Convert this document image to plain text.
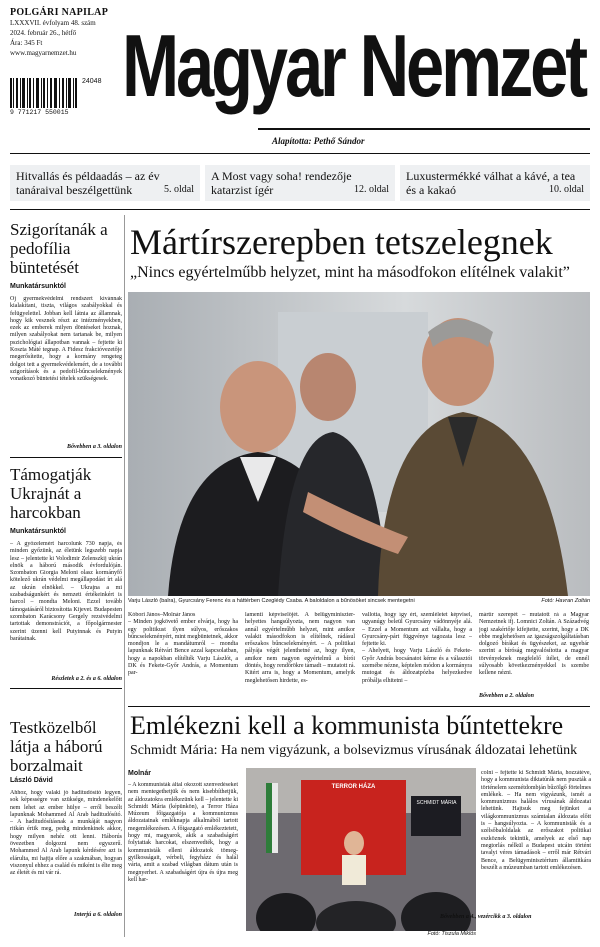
POLGÁRI NAPILAP
LXXXVII. évfolyam 48. szám
2024. február 26., hétfő
Ára: 345 Ft
www.magyarnemzet.hu
24048
9 771217 550015 Magyar Nemzet
Alapította: Pethő Sándor
Hitvallás és példaadás – az év tanáraival beszélgettünk	5. oldal
A Most vagy soha! rendezője katarzist ígér	12. oldal
Luxustermékké válhat a kávé, a tea és a kakaó	10. oldal
Szigorítanák a pedofília büntetését
Munkatársunktól
Oj gyermekvédelmi rendszert kívánnak kialakítani, tiszta, világos szabályokkal és felügyelettel. Jobban kell látnia az államnak, hogy kik vesznek részt az intézményekben, ezek az emberek milyen döntéseket hoznak, milyen szabályokat nem tartanak be, milyen pszichológiai állapotban vannak – fejtette ki Koszta Máté tegnap. A Fidesz frakcióvezetője megerősítette, hogy a kormány rengeteg dolgot tett a gyermekvédelemért, de a további szigorítások és a pedofil-bűncselekmények vonatkozó büntetési tételek szükségesek.
Bővebben a 3. oldalon
Támogatják Ukrajnát a harcokban
Munkatársunktól
– A győzelemért harcolunk 730 napja, és minden győzünk, az életünk legszebb napja lesz – jelentette ki Volodimir Zelenszkij ukrán elnök a háború második évfordulóján. Szombaton Giorgia Meloni olasz kormányfő kötelező ukrán védelmi megállapodást írt alá az ukrán elnökkel. – Ukrajna a mi szabadságunkért és nemzeti értékeinkért is harcol – mondta Meloni. Ezzel tovább támogatásáról biztosította Kijevet. Budapesten szombaton Karácsony Gergely rezsivédelmi tartottak demonstrációt, a főpolgármester szerint üzenni kell Putyinnak és Putyin barátainak.
Részletek a 2. és a 6. oldalon
Testközelből látja a háború borzalmait
László Dávid
Ahhoz, hogy valaki jó haditudósító legyen, sok képességre van szüksége, mindenekelőtt nem lehet az ember hülye – erről beszélt lapunknak Mohammed Al Arab haditudósító. – A haditudósításnak a munkáját nagyon ritkán értik meg, pedig mindenkinek akkor, hogy milyen nehéz ott lenni. Háborús övezetben dolgozni nem egyszerű. Mohammed Al Arab lapunk kérdésére azt is elárulta, mi hajtja előre a szakmában, hogyan viszonyul ehhez a család és miként is élte meg az életét és mi vár rá.
Interjú a 6. oldalon
Mártírszerepben tetszelegnek
„Nincs egyértelműbb helyzet, mint ha másodfokon elítélnek valakit”
Varju László (balra), Gyurcsány Ferenc és a háttérben Czeglédy Csaba. A baloldalon a bűnösöket sincsek mentegetni	Fotó: Havran Zoltán
Kóbori János–Molnár János
– Minden jogkövető ember elvárja, hogy ha egy politikust ilyen súlyos, erőszakos bűncselekményért, mint megbüntetnek, akkor mondjon le a mandátumról – mondta lapunknak Rétvári Bence azzal kapcsolatban, hogy a napokban elítélték Varju Lászlót, a DK és Fekete-Győr András, a Momentum par-
lamenti képviselőjét. A belügyminiszter-helyettes hangsúlyozta, nem nagyon van annál egyértelműbb helyzet, mint amikor valakit másodfokon is elítélnek, rádásul erőszakos bűncselekményért. – A politikai pályája végét jelenthetné az, hogy ilyen, amikor nem nagyon egyértelmű a bírói döntés, hogy rendőrökre támadt – mutatott rá. Kitért arra is, hogy a Momentum, amelyik meglehetősen hirdette, es-
vallotta, hogy így ért, szemléletet képvisel, ugyanúgy beleül Gyurcsány vádönnyéje alá. – Ezzel a Momentum azt vállalta, hogy a Gyurcsány-párt függvénye tagozata lesz – fejtette ki.
– Ahelyett, hogy Varju László és Fekete-Győr András bocsánatot kérne és a választói szemébe nézne, képtelen módon a kormányra mutogat és áldozatpózba helyezkedve próbálja elhitetni –
mártír szerepét – mutatott rá a Magyar Nemzetnek ifj. Lomnici Zoltán. A Századvég jogi szakértője kifejtette, szerint, hogy a DK ebbe meglehetősen az igazságszolgáltatásban dolgozó bírákat és ügyészeket, az ugyebár szerint a bíróság megvalósította a magyar törvényeknek megfelelő ítélet, de ennél súlyosabb következményekkel is szembe kellene nézni.
Bővebben a 2. oldalon
Emlékezni kell a kommunista bűntettekre
Schmidt Mária: Ha nem vigyázunk, a bolsevizmus vírusának áldozatai lehetünk
Molnár
– A kommunisták által okozott szenvedéseket nem mentegethetjük és nem kisebbíthetjük, az áldozatokra emlékezünk kell – jelentette ki Schmidt Mária (képünkön), a Terror Háza Múzeum főigazgatója a kommunizmus áldozatainak emléknapja alkalmából tartott megemlékezésen. A főigazgató emlékeztetett, hogy mi, magyarok, akik a szabadságért folytattak harcokat, elszenvedték, hogy a kommunisták elleni áldozatok tömeg- gyilkosságait, vérbeli, fegyházz és halál várta, amit a szabad világban dátum után is megnyerhet. A szabadságért újra és újra meg kell har-
TERROR HÁZA
SCHMIDT MÁRIA
Fotó: Tiszula Miklós
colni – fejtette ki Schmidt Mária, hozzátéve, hogy a kommunista diktatúrák nem puszták a történelem szemétdombján bűzölgő förtelmes emlékek. – Ha nem vigyázunk, ismét a kommunizmus halálos vírusának áldozatai lehetünk. Hajtsuk meg fejünket a világkommunizmus számtalan áldozata előtt is – hangsúlyozta. – A kommunisták és a szélsőbaloldalak az erőszakot politikai eszköznek tekintik, amelyek az első nap megtorlás nélkül a Budapest utcáin történt tavalyi véres támadások – erről már Rétvári Bence, a Belügyminisztérium államtitkára beszélt a múzeumban tartott emlékezésen.
Bővebben a 4., vezércikk a 3. oldalon
